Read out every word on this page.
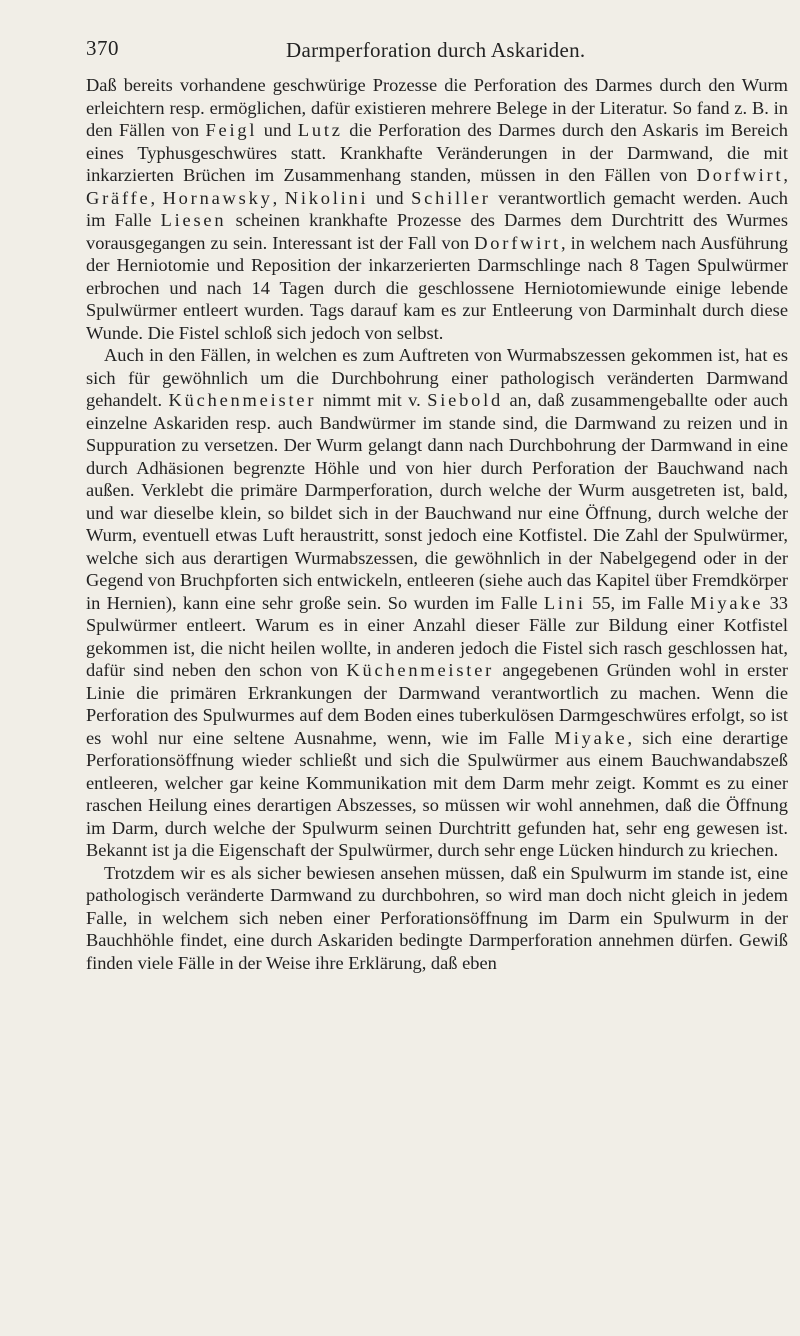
370	Darmperforation durch Askariden.

Daß bereits vorhandene geschwürige Prozesse die Perforation des Darmes durch den Wurm erleichtern resp. ermöglichen, dafür existieren mehrere Belege in der Literatur. So fand z. B. in den Fällen von Feigl und Lutz die Perforation des Darmes durch den Askaris im Bereich eines Typhusgeschwüres statt. Krankhafte Veränderungen in der Darmwand, die mit inkarzierten Brüchen im Zusammenhang standen, müssen in den Fällen von Dorfwirt, Gräffe, Hornawsky, Nikolini und Schiller verantwortlich gemacht werden. Auch im Falle Liesen scheinen krankhafte Prozesse des Darmes dem Durchtritt des Wurmes vorausgegangen zu sein. Interessant ist der Fall von Dorfwirt, in welchem nach Ausführung der Herniotomie und Reposition der inkarzerierten Darmschlinge nach 8 Tagen Spulwürmer erbrochen und nach 14 Tagen durch die geschlossene Herniotomiewunde einige lebende Spulwürmer entleert wurden. Tags darauf kam es zur Entleerung von Darminhalt durch diese Wunde. Die Fistel schloß sich jedoch von selbst.

Auch in den Fällen, in welchen es zum Auftreten von Wurmabszessen gekommen ist, hat es sich für gewöhnlich um die Durchbohrung einer pathologisch veränderten Darmwand gehandelt. Küchenmeister nimmt mit v. Siebold an, daß zusammengeballte oder auch einzelne Askariden resp. auch Bandwürmer im stande sind, die Darmwand zu reizen und in Suppuration zu versetzen. Der Wurm gelangt dann nach Durchbohrung der Darmwand in eine durch Adhäsionen begrenzte Höhle und von hier durch Perforation der Bauchwand nach außen. Verklebt die primäre Darmperforation, durch welche der Wurm ausgetreten ist, bald, und war dieselbe klein, so bildet sich in der Bauchwand nur eine Öffnung, durch welche der Wurm, eventuell etwas Luft heraustritt, sonst jedoch eine Kotfistel. Die Zahl der Spulwürmer, welche sich aus derartigen Wurmabszessen, die gewöhnlich in der Nabelgegend oder in der Gegend von Bruchpforten sich entwickeln, entleeren (siehe auch das Kapitel über Fremdkörper in Hernien), kann eine sehr große sein. So wurden im Falle Lini 55, im Falle Miyake 33 Spulwürmer entleert. Warum es in einer Anzahl dieser Fälle zur Bildung einer Kotfistel gekommen ist, die nicht heilen wollte, in anderen jedoch die Fistel sich rasch geschlossen hat, dafür sind neben den schon von Küchenmeister angegebenen Gründen wohl in erster Linie die primären Erkrankungen der Darmwand verantwortlich zu machen. Wenn die Perforation des Spulwurmes auf dem Boden eines tuberkulösen Darmgeschwüres erfolgt, so ist es wohl nur eine seltene Ausnahme, wenn, wie im Falle Miyake, sich eine derartige Perforationsöffnung wieder schließt und sich die Spulwürmer aus einem Bauchwandabszeß entleeren, welcher gar keine Kommunikation mit dem Darm mehr zeigt. Kommt es zu einer raschen Heilung eines derartigen Abszesses, so müssen wir wohl annehmen, daß die Öffnung im Darm, durch welche der Spulwurm seinen Durchtritt gefunden hat, sehr eng gewesen ist. Bekannt ist ja die Eigenschaft der Spulwürmer, durch sehr enge Lücken hindurch zu kriechen.

Trotzdem wir es als sicher bewiesen ansehen müssen, daß ein Spulwurm im stande ist, eine pathologisch veränderte Darmwand zu durchbohren, so wird man doch nicht gleich in jedem Falle, in welchem sich neben einer Perforationsöffnung im Darm ein Spulwurm in der Bauchhöhle findet, eine durch Askariden bedingte Darmperforation annehmen dürfen. Gewiß finden viele Fälle in der Weise ihre Erklärung, daß eben
